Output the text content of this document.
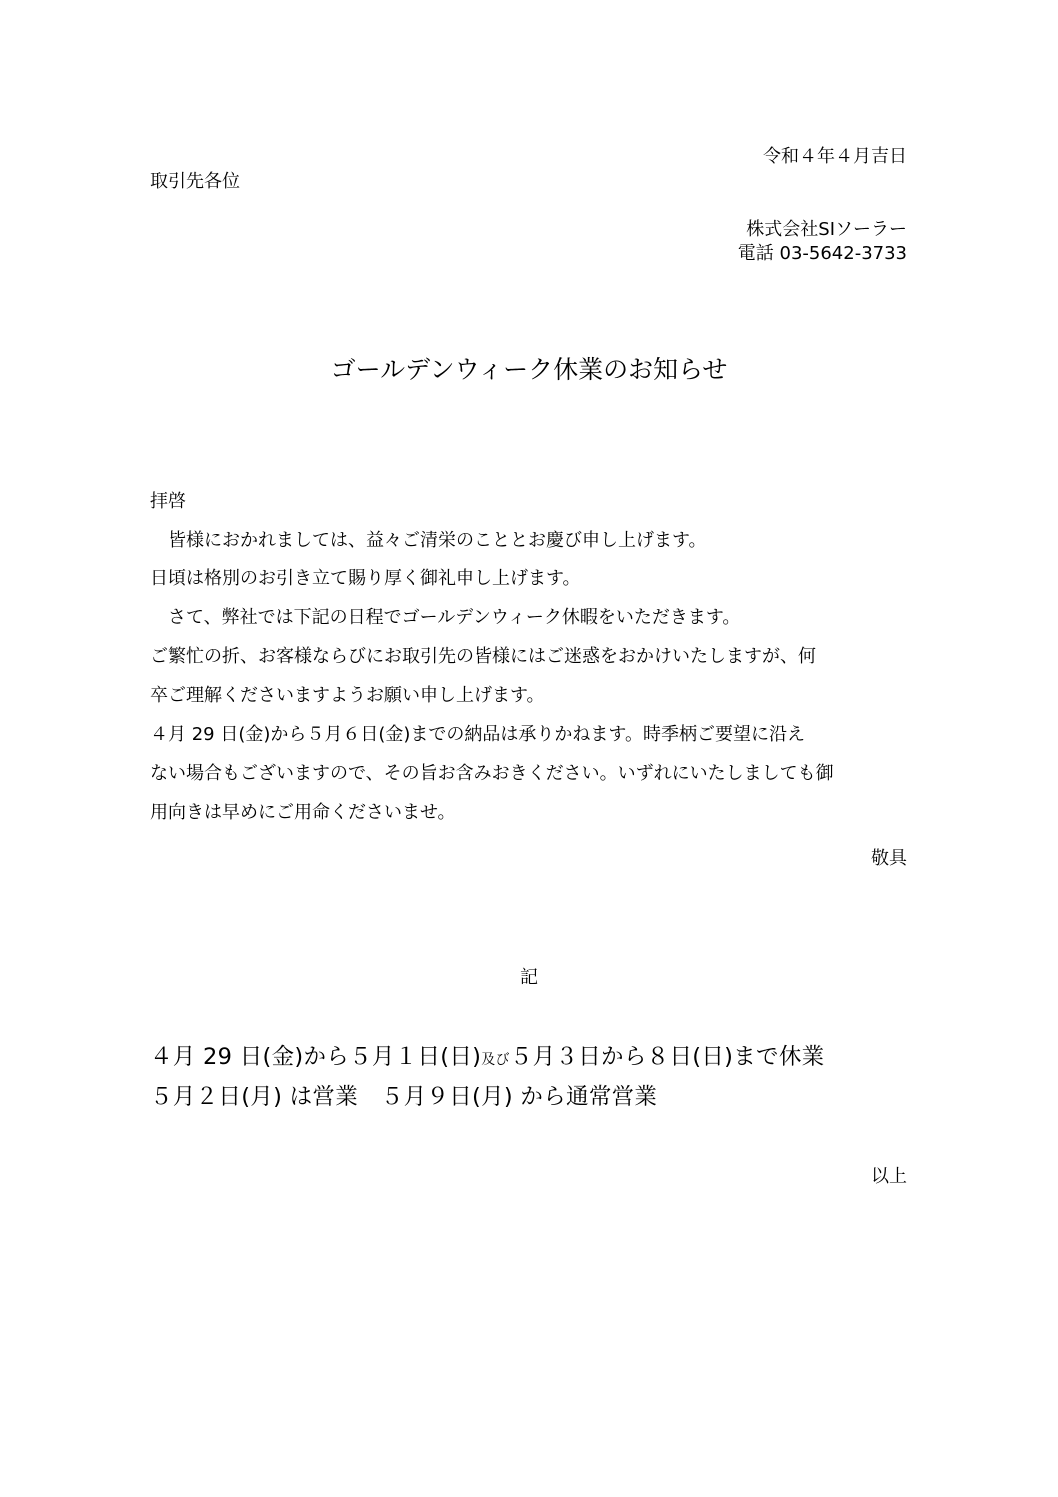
令和４年４月吉日
取引先各位
株式会社SIソーラー
電話 03-5642-3733
ゴールデンウィーク休業のお知らせ
拝啓
　皆様におかれましては、益々ご清栄のこととお慶び申し上げます。
日頃は格別のお引き立て賜り厚く御礼申し上げます。
　さて、弊社では下記の日程でゴールデンウィーク休暇をいただきます。
ご繁忙の折、お客様ならびにお取引先の皆様にはご迷惑をおかけいたしますが、何
卒ご理解くださいますようお願い申し上げます。
４月 29 日(金)から５月６日(金)までの納品は承りかねます。時季柄ご要望に沿え
ない場合もございますので、その旨お含みおきください。いずれにいたしましても御
用向きは早めにご用命くださいませ。
敬具
記
４月 29 日(金)から５月１日(日)及び５月３日から８日(日)まで休業
５月２日(月) は営業　５月９日(月) から通常営業
以上
